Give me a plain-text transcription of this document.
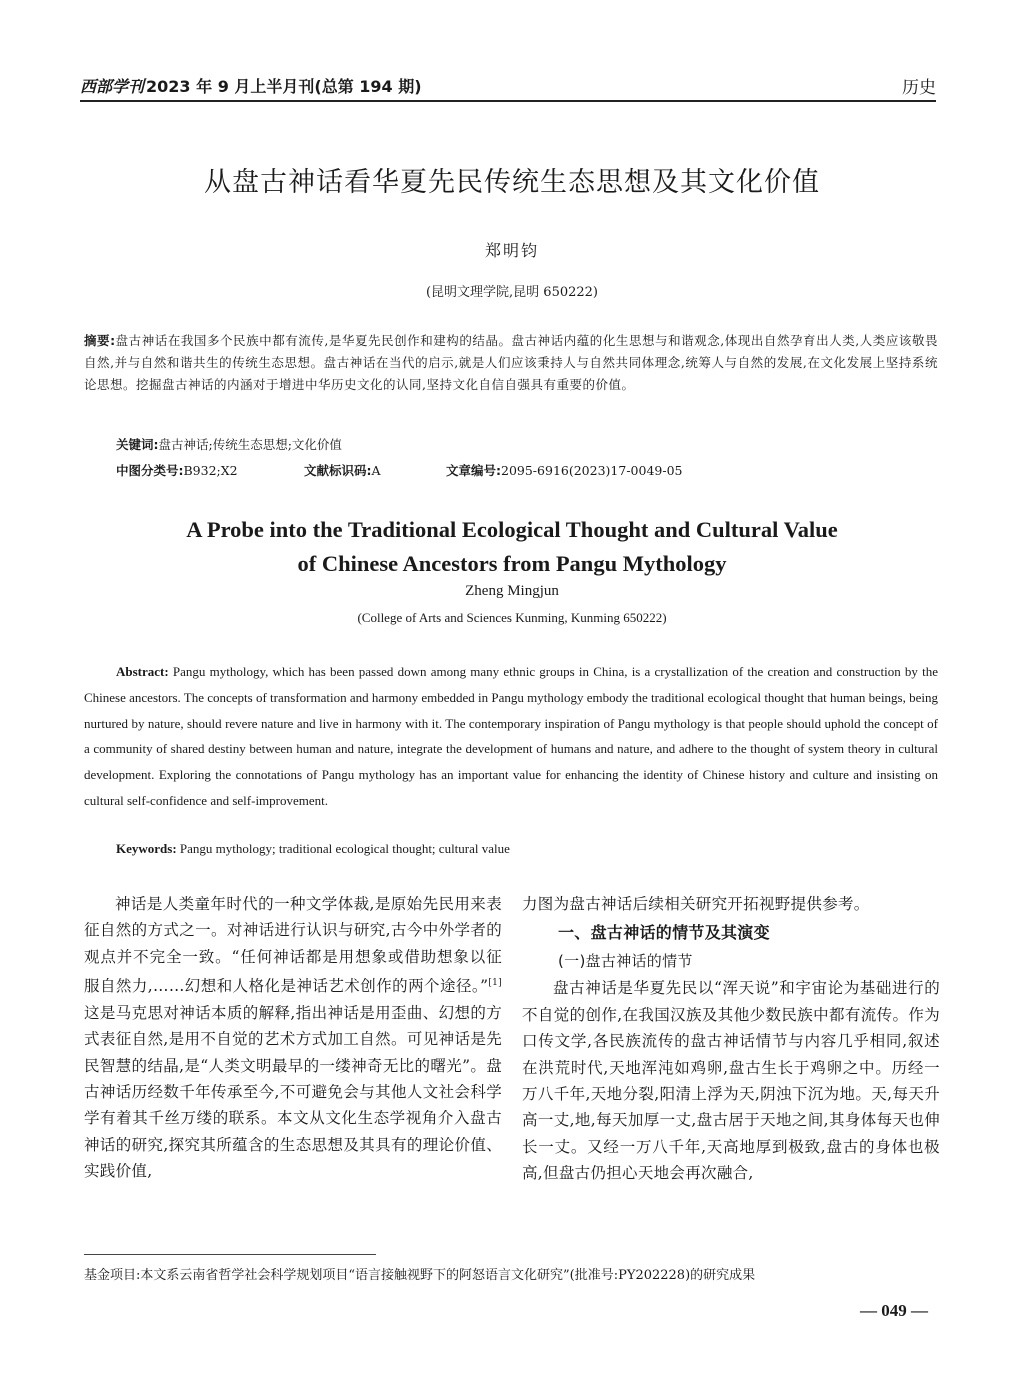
西部学刊 2023 年 9 月上半月刊(总第 194 期)	历史
从盘古神话看华夏先民传统生态思想及其文化价值
郑明钧
(昆明文理学院,昆明 650222)
摘要:盘古神话在我国多个民族中都有流传,是华夏先民创作和建构的结晶。盘古神话内蕴的化生思想与和谐观念,体现出自然孕育出人类,人类应该敬畏自然,并与自然和谐共生的传统生态思想。盘古神话在当代的启示,就是人们应该秉持人与自然共同体理念,统筹人与自然的发展,在文化发展上坚持系统论思想。挖掘盘古神话的内涵对于增进中华历史文化的认同,坚持文化自信自强具有重要的价值。
关键词:盘古神话;传统生态思想;文化价值
中图分类号:B932;X2	文献标识码:A	文章编号:2095-6916(2023)17-0049-05
A Probe into the Traditional Ecological Thought and Cultural Value
of Chinese Ancestors from Pangu Mythology
Zheng Mingjun
(College of Arts and Sciences Kunming, Kunming 650222)
Abstract: Pangu mythology, which has been passed down among many ethnic groups in China, is a crystallization of the creation and construction by the Chinese ancestors. The concepts of transformation and harmony embedded in Pangu mythology embody the traditional ecological thought that human beings, being nurtured by nature, should revere nature and live in harmony with it. The contemporary inspiration of Pangu mythology is that people should uphold the concept of a community of shared destiny between human and nature, integrate the development of humans and nature, and adhere to the thought of system theory in cultural development. Exploring the connotations of Pangu mythology has an important value for enhancing the identity of Chinese history and culture and insisting on cultural self-confidence and self-improvement.
Keywords: Pangu mythology; traditional ecological thought; cultural value

神话是人类童年时代的一种文学体裁,是原始先民用来表征自然的方式之一。对神话进行认识与研究,古今中外学者的观点并不完全一致。“任何神话都是用想象或借助想象以征服自然力,……幻想和人格化是神话艺术创作的两个途径。”[1]这是马克思对神话本质的解释,指出神话是用歪曲、幻想的方式表征自然,是用不自觉的艺术方式加工自然。可见神话是先民智慧的结晶,是“人类文明最早的一缕神奇无比的曙光”。盘古神话历经数千年传承至今,不可避免会与其他人文社会科学学有着其千丝万缕的联系。本文从文化生态学视角介入盘古神话的研究,探究其所蕴含的生态思想及其具有的理论价值、实践价值,

力图为盘古神话后续相关研究开拓视野提供参考。

一、盘古神话的情节及其演变
(一)盘古神话的情节

盘古神话是华夏先民以“浑天说”和宇宙论为基础进行的不自觉的创作,在我国汉族及其他少数民族中都有流传。作为口传文学,各民族流传的盘古神话情节与内容几乎相同,叙述在洪荒时代,天地浑沌如鸡卵,盘古生长于鸡卵之中。历经一万八千年,天地分裂,阳清上浮为天,阴浊下沉为地。天,每天升高一丈,地,每天加厚一丈,盘古居于天地之间,其身体每天也伸长一丈。又经一万八千年,天高地厚到极致,盘古的身体也极高,但盘古仍担心天地会再次融合,

基金项目:本文系云南省哲学社会科学规划项目“语言接触视野下的阿怒语言文化研究”(批准号:PY202228)的研究成果
— 049 —
